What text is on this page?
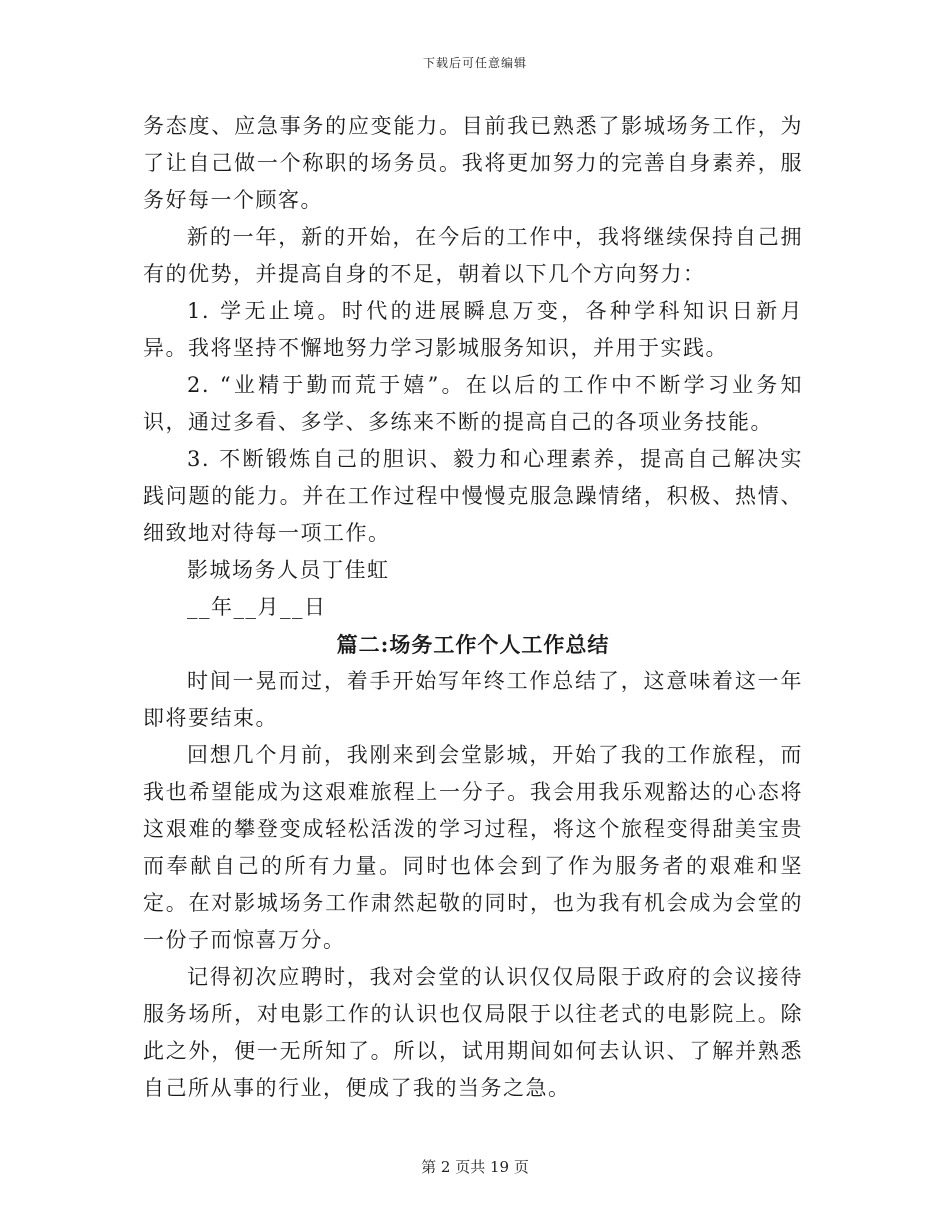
下载后可任意编辑

务态度、应急事务的应变能力。目前我已熟悉了影城场务工作，为了让自己做一个称职的场务员。我将更加努力的完善自身素养，服务好每一个顾客。

新的一年，新的开始，在今后的工作中，我将继续保持自己拥有的优势，并提高自身的不足，朝着以下几个方向努力：

1. 学无止境。时代的进展瞬息万变，各种学科知识日新月异。我将坚持不懈地努力学习影城服务知识，并用于实践。

2. “业精于勤而荒于嬉”。在以后的工作中不断学习业务知识，通过多看、多学、多练来不断的提高自己的各项业务技能。

3. 不断锻炼自己的胆识、毅力和心理素养，提高自己解决实践问题的能力。并在工作过程中慢慢克服急躁情绪，积极、热情、细致地对待每一项工作。

影城场务人员丁佳虹

__年__月__日

篇二:场务工作个人工作总结

时间一晃而过，着手开始写年终工作总结了，这意味着这一年即将要结束。

回想几个月前，我刚来到会堂影城，开始了我的工作旅程，而我也希望能成为这艰难旅程上一分子。我会用我乐观豁达的心态将这艰难的攀登变成轻松活泼的学习过程，将这个旅程变得甜美宝贵而奉献自己的所有力量。同时也体会到了作为服务者的艰难和坚定。在对影城场务工作肃然起敬的同时，也为我有机会成为会堂的一份子而惊喜万分。

记得初次应聘时，我对会堂的认识仅仅局限于政府的会议接待服务场所，对电影工作的认识也仅局限于以往老式的电影院上。除此之外，便一无所知了。所以，试用期间如何去认识、了解并熟悉自己所从事的行业，便成了我的当务之急。

第 2 页共 19 页
